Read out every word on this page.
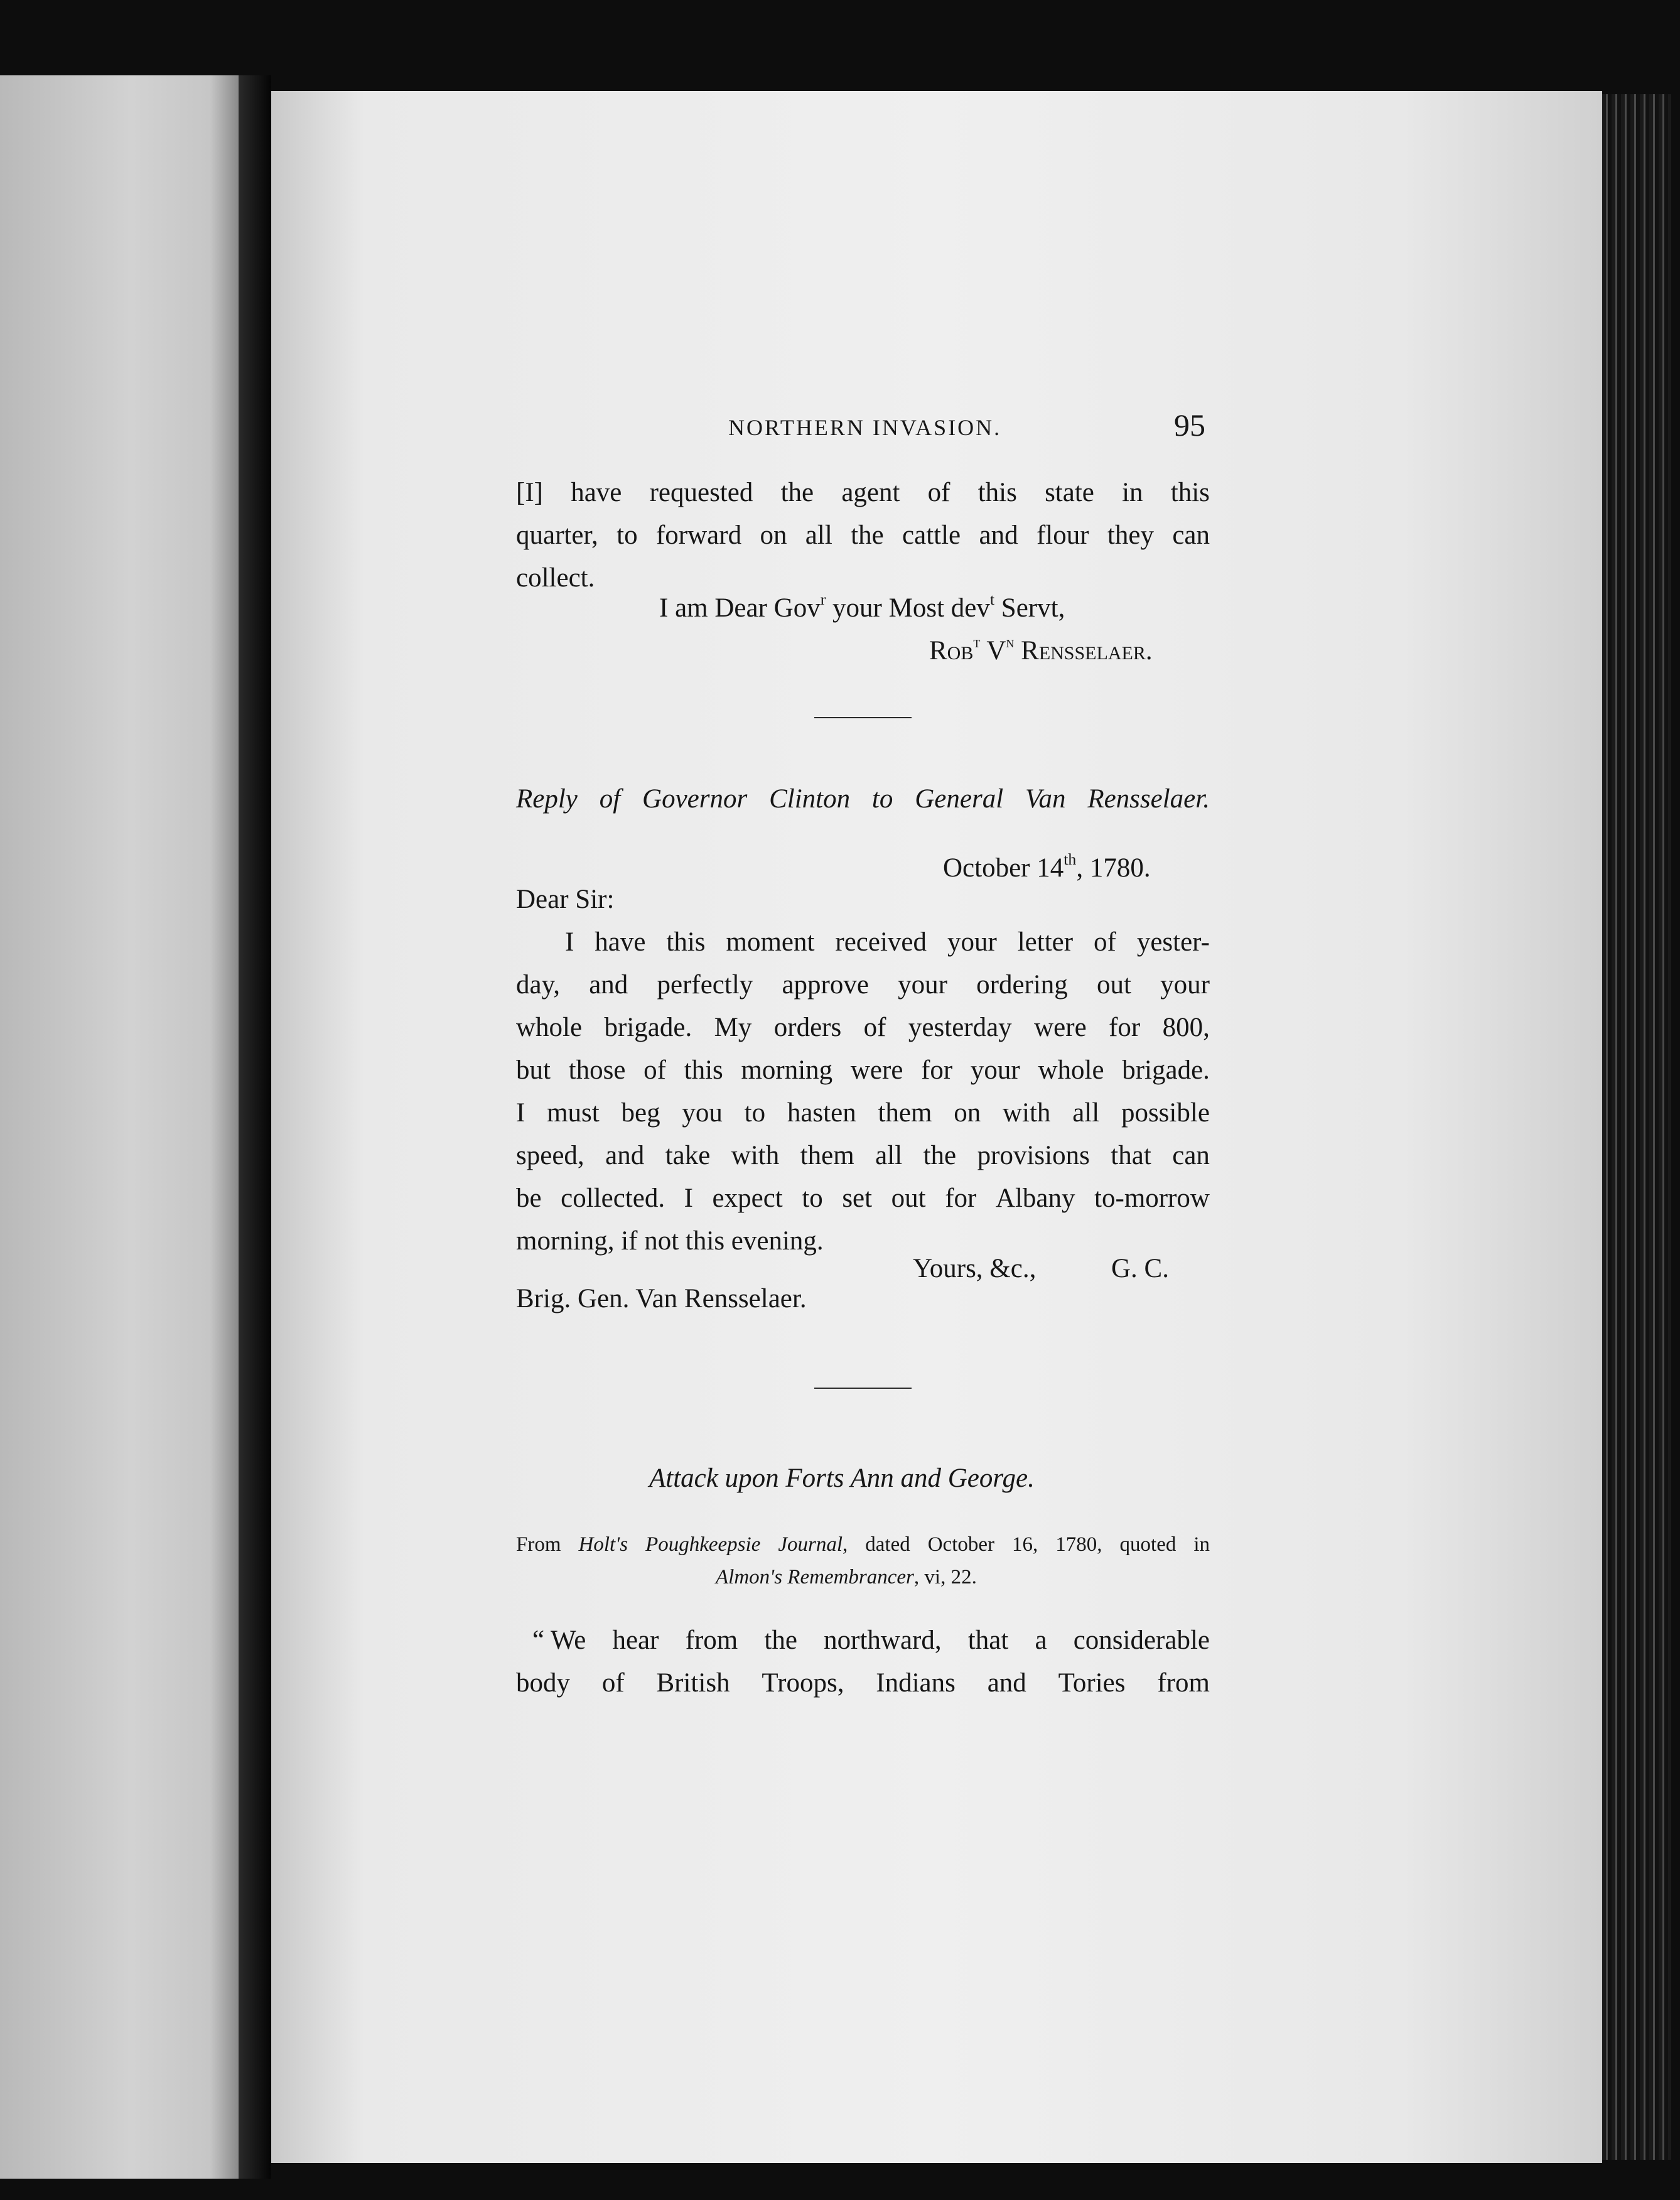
NORTHERN INVASION.	95
[I] have requested the agent of this state in this
quarter, to forward on all the cattle and flour they can
collect.
I am Dear Gov$^r$ your Most dev$^t$ Servt,
Rob$^t$ $V^n$ Rensselaer.
Reply of Governor Clinton to General Van Rensselaer.
October 14th, 1780.
Dear Sir:
I have this moment received your letter of yester-
day, and perfectly approve your ordering out your
whole brigade. My orders of yesterday were for 800,
but those of this morning were for your whole brigade.
I must beg you to hasten them on with all possible
speed, and take with them all the provisions that can
be collected. I expect to set out for Albany to-morrow
morning, if not this evening.
Yours, &c.,	G. C.
Brig. Gen. Van Rensselaer.
Attack upon Forts Ann and George.
From Holt's Poughkeepsie Journal, dated October 16, 1780, quoted in
Almon's Remembrancer, vi, 22.
“ We hear from the northward, that a considerable
body of British Troops, Indians and Tories from
